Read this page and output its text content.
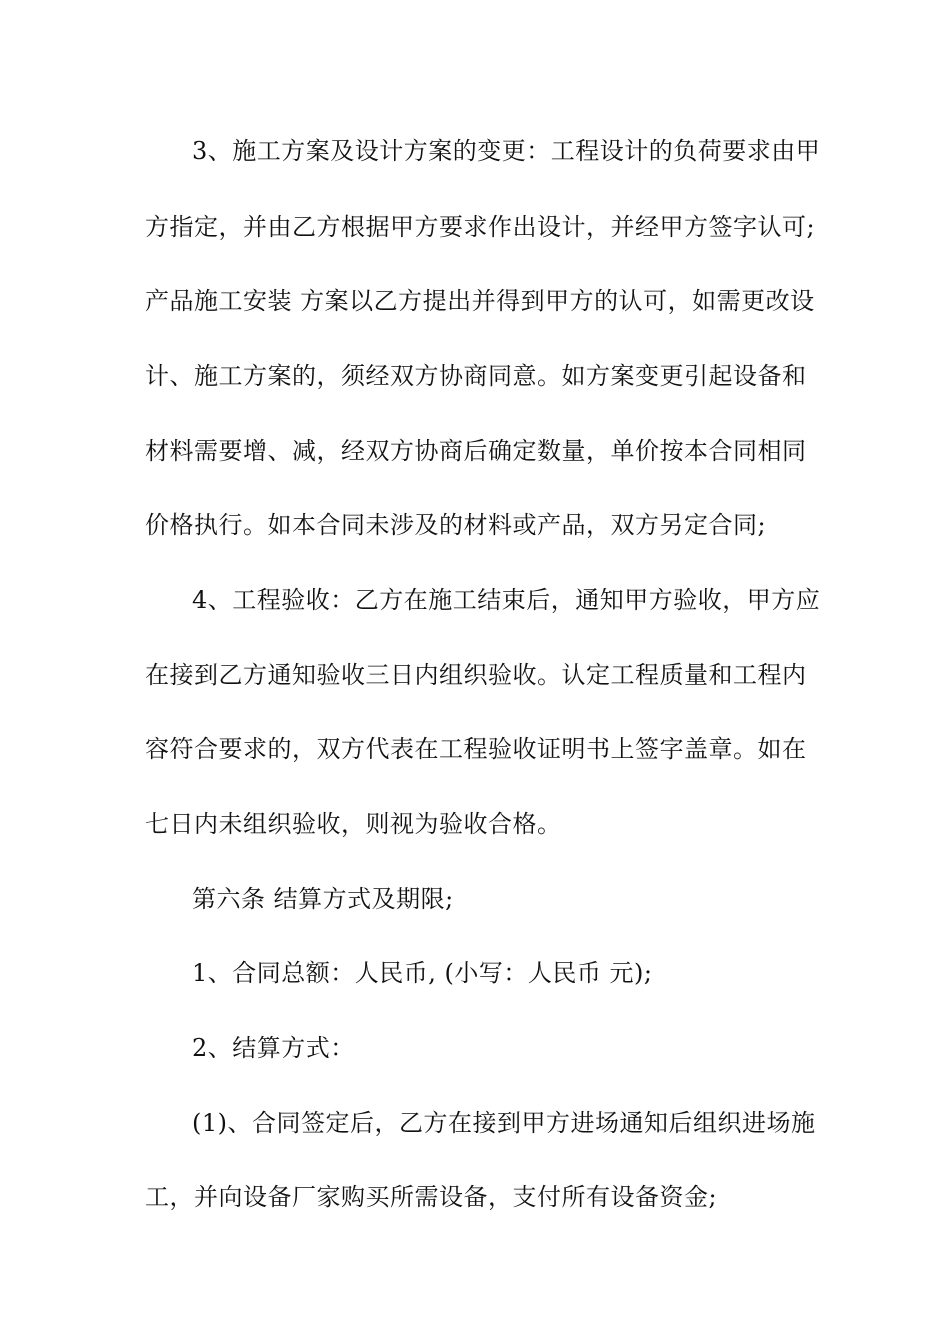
3、施工方案及设计方案的变更：工程设计的负荷要求由甲
方指定，并由乙方根据甲方要求作出设计，并经甲方签字认可;
产品施工安装 方案以乙方提出并得到甲方的认可，如需更改设
计、施工方案的，须经双方协商同意。如方案变更引起设备和
材料需要增、减，经双方协商后确定数量，单价按本合同相同
价格执行。如本合同未涉及的材料或产品，双方另定合同;
4、工程验收：乙方在施工结束后，通知甲方验收，甲方应
在接到乙方通知验收三日内组织验收。认定工程质量和工程内
容符合要求的，双方代表在工程验收证明书上签字盖章。如在
七日内未组织验收，则视为验收合格。
第六条 结算方式及期限;
1、合同总额：人民币, (小写：人民币 元);
2、结算方式：
(1)、合同签定后，乙方在接到甲方进场通知后组织进场施
工，并向设备厂家购买所需设备，支付所有设备资金;
